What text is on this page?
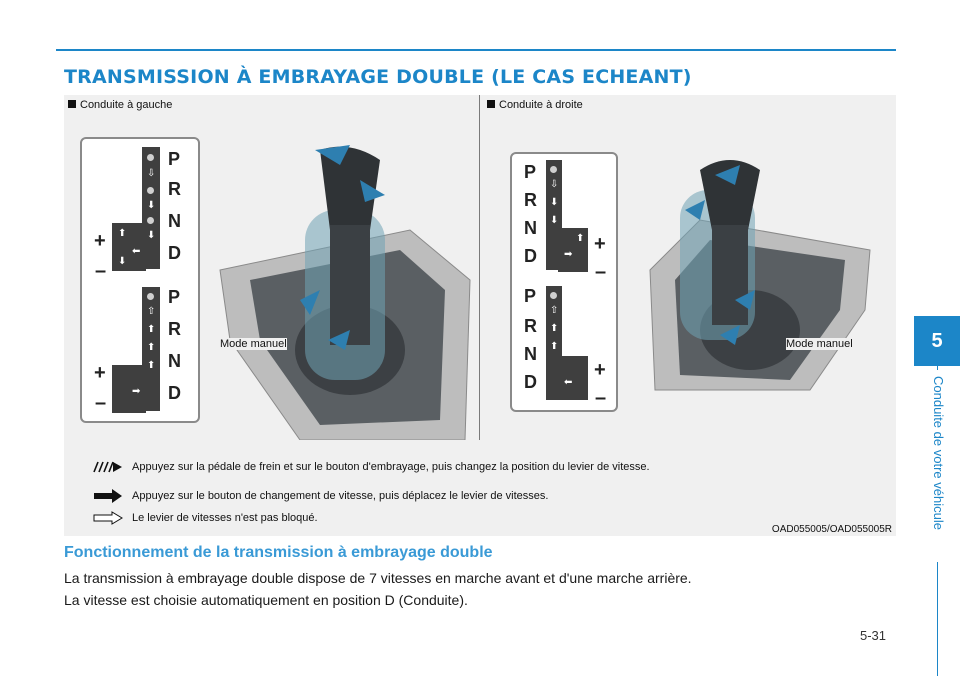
TRANSMISSION À EMBRAYAGE DOUBLE (LE CAS ECHEANT)
Conduite à gauche	Conduite à droite
⇩
⬇
⬇
⬅
⬆
⬇
P
R
N
D
+
–
⇧
⬆
⬆
⬆
➡
P
R
N
D
+
–
Mode manuel
⇩
⬇
⬇
➡
⬆
P
R
N
D
+
–
⇧
⬆
⬆
⬅
P
R
N
D
+
–
Mode manuel
Appuyez sur la pédale de frein et sur le bouton d'embrayage, puis changez la position du levier de vitesse.
Appuyez sur le bouton de changement de vitesse, puis déplacez le levier de vitesses.
Le levier de vitesses n'est pas bloqué.
OAD055005/OAD055005R
Fonctionnement de la transmission à embrayage double
La transmission à embrayage double dispose de 7 vitesses en marche avant et d'une marche arrière.
La vitesse est choisie automatiquement en position D (Conduite).
5
Conduite de votre véhicule
5-31
